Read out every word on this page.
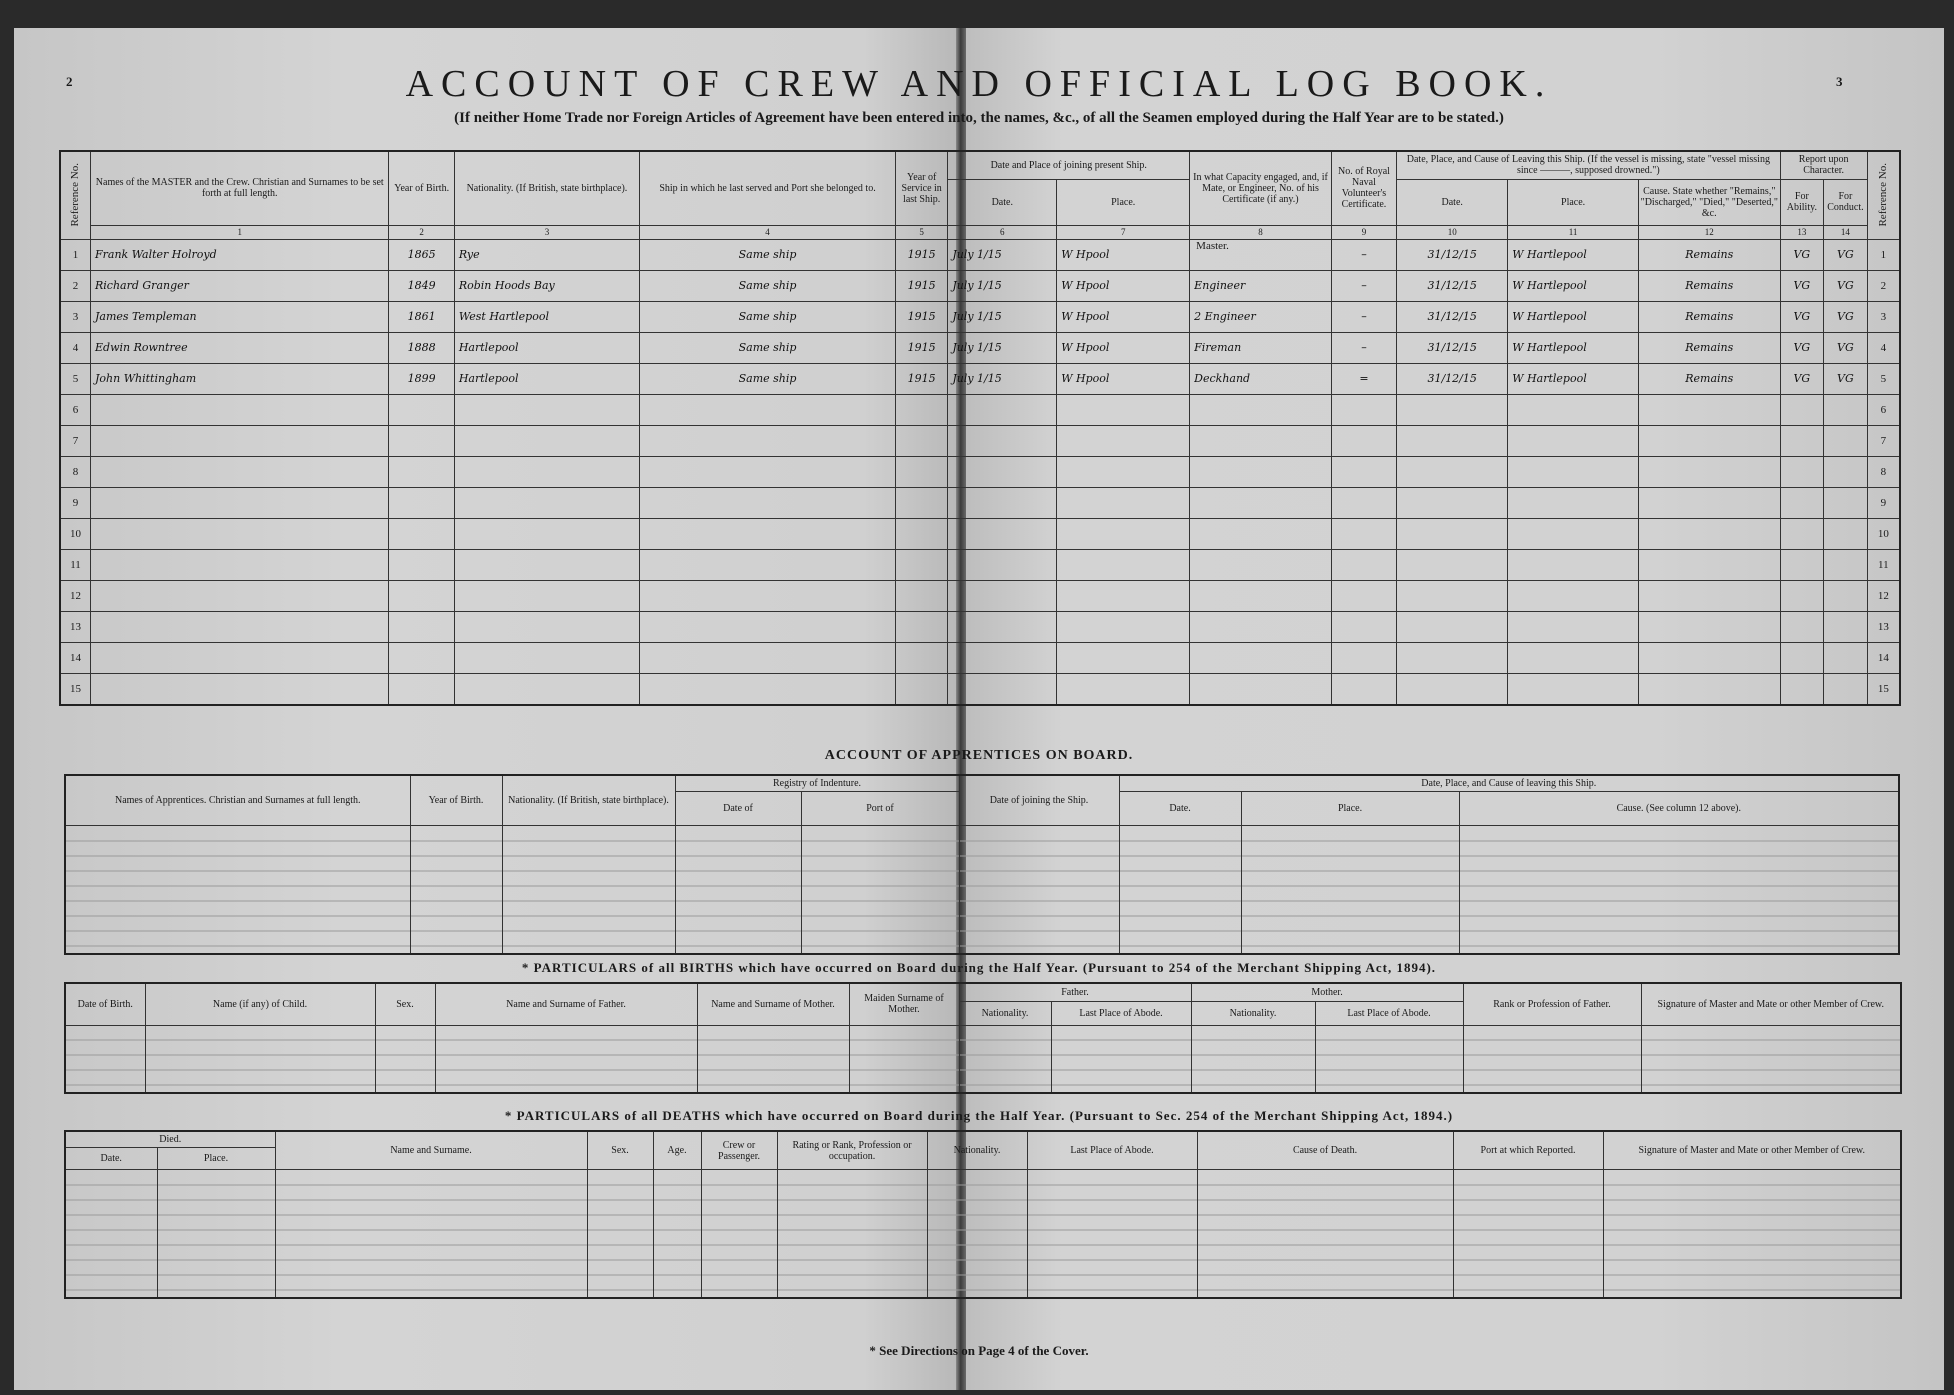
2	3
ACCOUNT OF CREW AND OFFICIAL LOG BOOK.
(If neither Home Trade nor Foreign Articles of Agreement have been entered into, the names, &c., of all the Seamen employed during the Half Year are to be stated.)
Reference No.	Names of the MASTER and the Crew. Christian and Surnames to be set forth at full length.	Year of Birth.	Nationality. (If British, state birthplace).	Ship in which he last served and Port she belonged to.	Year of Service in last Ship.	Date and Place of joining present Ship.		In what Capacity engaged, and, if Mate, or Engineer, No. of his Certificate (if any.)	No. of Royal Naval Volunteer's Certificate.	Date, Place, and Cause of Leaving this Ship. (If the vessel is missing, state "vessel missing since ———, supposed drowned.")			Report upon Character.		Reference No.

						Date.	Place.			Date.	Place.	Cause. State whether "Remains," "Discharged," "Died," "Deserted," &c.	For Ability.	For Conduct.	
	1	2	3	4	5	6	7	8	9	10	11	12	13	14	
1	Frank Walter Holroyd	1865	Rye	Same ship	1915	July 1/15	W Hpool	Master.	–	31/12/15	W Hartlepool	Remains	VG	VG	1
2	Richard Granger	1849	Robin Hoods Bay	Same ship	1915	July 1/15	W Hpool	Engineer	–	31/12/15	W Hartlepool	Remains	VG	VG	2
3	James Templeman	1861	West Hartlepool	Same ship	1915	July 1/15	W Hpool	2 Engineer	–	31/12/15	W Hartlepool	Remains	VG	VG	3
4	Edwin Rowntree	1888	Hartlepool	Same ship	1915	July 1/15	W Hpool	Fireman	–	31/12/15	W Hartlepool	Remains	VG	VG	4
5	John Whittingham	1899	Hartlepool	Same ship	1915	July 1/15	W Hpool	Deckhand	=	31/12/15	W Hartlepool	Remains	VG	VG	5
6															6
7															7
8															8
9															9
10															10
11															11
12															12
13															13
14															14
15															15
ACCOUNT OF APPRENTICES ON BOARD.
Names of Apprentices. Christian and Surnames at full length.	Year of Birth.	Nationality. (If British, state birthplace).	Registry of Indenture.		Date of joining the Ship.	Date, Place, and Cause of leaving this Ship.		
			Date of	Port of		Date.	Place.	Cause. (See column 12 above).

* PARTICULARS of all BIRTHS which have occurred on Board during the Half Year. (Pursuant to 254 of the Merchant Shipping Act, 1894).
Date of Birth.	Name (if any) of Child.	Sex.	Name and Surname of Father.	Name and Surname of Mother.	Maiden Surname of Mother.	Father.		Mother.		Rank or Profession of Father.	Signature of Master and Mate or other Member of Crew.
						Nationality.	Last Place of Abode.	Nationality.	Last Place of Abode.		

* PARTICULARS of all DEATHS which have occurred on Board during the Half Year. (Pursuant to Sec. 254 of the Merchant Shipping Act, 1894.)
Died.		Name and Surname.	Sex.	Age.	Crew or Passenger.	Rating or Rank, Profession or occupation.	Nationality.	Last Place of Abode.	Cause of Death.	Port at which Reported.	Signature of Master and Mate or other Member of Crew.
Date.	Place.										

* See Directions on Page 4 of the Cover.
